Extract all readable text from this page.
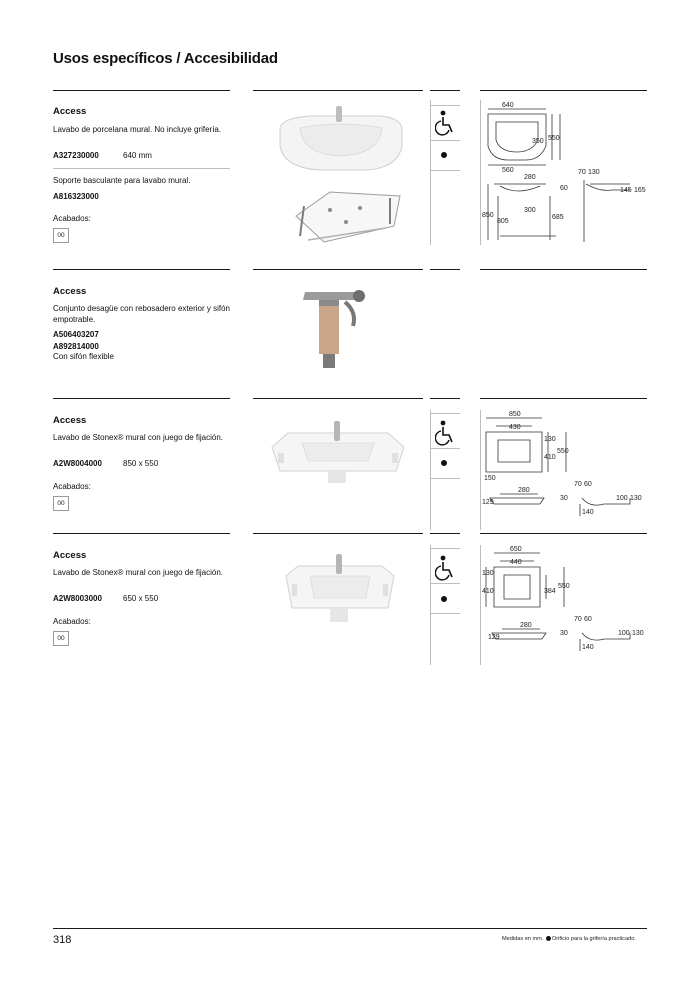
Usos específicos / Accesibilidad
Access
Lavabo de porcelana mural. No incluye grifería.
A327230000	640 mm
Soporte basculante para lavabo mural.
A816323000
Acabados:
00
640
350 550
560
280
60
300
850
805
685
70 130
145 165
Access
Conjunto desagüe con rebosadero exterior y sifón empotrable.
A506403207
A892814000
Con sifón flexible
Access
Lavabo de Stonex® mural con juego de fijación.
A2W8004000	850 x 550
Acabados:
00
850
430
130
410
550
150
280
129
30
70 60
100 130
140
Access
Lavabo de Stonex® mural con juego de fijación.
A2W8003000	650 x 550
Acabados:
00
650
440
130
410	384
550
280
129
30
70 60
100 130
140
318	Medidas en mm. Orificio para la grifería practicado.
